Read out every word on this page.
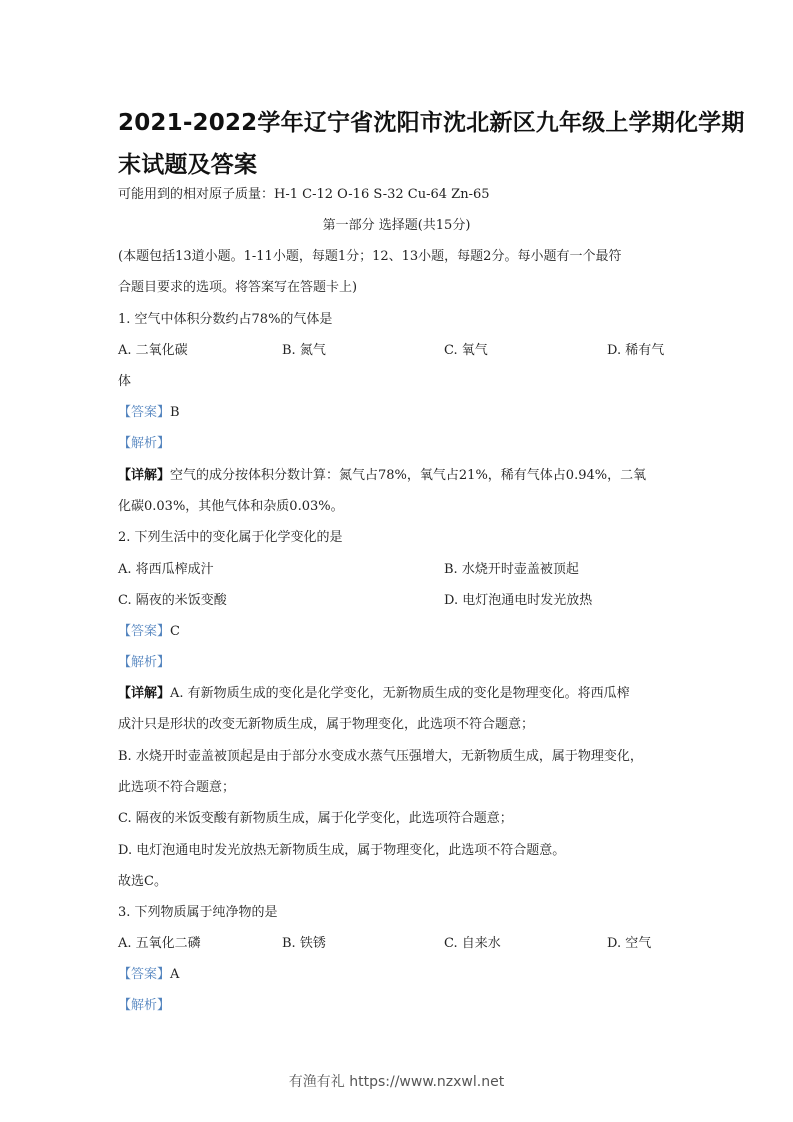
2021-2022学年辽宁省沈阳市沈北新区九年级上学期化学期
末试题及答案
可能用到的相对原子质量：H-1 C-12 O-16 S-32 Cu-64 Zn-65
第一部分 选择题(共15分)
(本题包括13道小题。1-11小题，每题1分；12、13小题，每题2分。每小题有一个最符
合题目要求的选项。将答案写在答题卡上)
1. 空气中体积分数约占78%的气体是
A. 二氧化碳	B. 氮气	C. 氧气	D. 稀有气
体
【答案】B
【解析】
【详解】空气的成分按体积分数计算：氮气占78%，氧气占21%，稀有气体占0.94%，二氧
化碳0.03%，其他气体和杂质0.03%。
2. 下列生活中的变化属于化学变化的是
A. 将西瓜榨成汁	B. 水烧开时壶盖被顶起
C. 隔夜的米饭变酸	D. 电灯泡通电时发光放热
【答案】C
【解析】
【详解】A. 有新物质生成的变化是化学变化，无新物质生成的变化是物理变化。将西瓜榨
成汁只是形状的改变无新物质生成，属于物理变化，此选项不符合题意；
B. 水烧开时壶盖被顶起是由于部分水变成水蒸气压强增大，无新物质生成，属于物理变化，
此选项不符合题意；
C. 隔夜的米饭变酸有新物质生成，属于化学变化，此选项符合题意；
D. 电灯泡通电时发光放热无新物质生成，属于物理变化，此选项不符合题意。
故选C。
3. 下列物质属于纯净物的是
A. 五氧化二磷	B. 铁锈	C. 自来水	D. 空气
【答案】A
【解析】
有渔有礼 https://www.nzxwl.net
